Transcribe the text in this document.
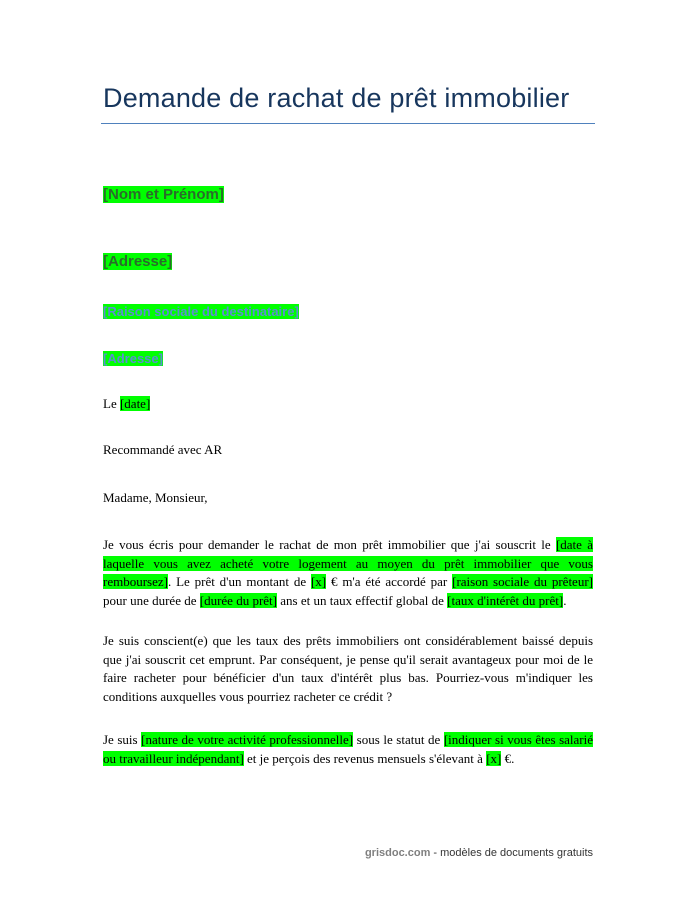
Demande de rachat de prêt immobilier
[Nom et Prénom]
[Adresse]
[Raison sociale du destinataire]
[Adresse]
Le [date]
Recommandé avec AR
Madame, Monsieur,
Je vous écris pour demander le rachat de mon prêt immobilier que j'ai souscrit le [date à laquelle vous avez acheté votre logement au moyen du prêt immobilier que vous remboursez]. Le prêt d'un montant de [x] € m'a été accordé par [raison sociale du prêteur] pour une durée de [durée du prêt] ans et un taux effectif global de [taux d'intérêt du prêt].
Je suis conscient(e) que les taux des prêts immobiliers ont considérablement baissé depuis que j'ai souscrit cet emprunt. Par conséquent, je pense qu'il serait avantageux pour moi de le faire racheter pour bénéficier d'un taux d'intérêt plus bas. Pourriez-vous m'indiquer les conditions auxquelles vous pourriez racheter ce crédit ?
Je suis [nature de votre activité professionnelle] sous le statut de [indiquer si vous êtes salarié ou travailleur indépendant] et je perçois des revenus mensuels s'élevant à [x] €.
grisdoc.com - modèles de documents gratuits
